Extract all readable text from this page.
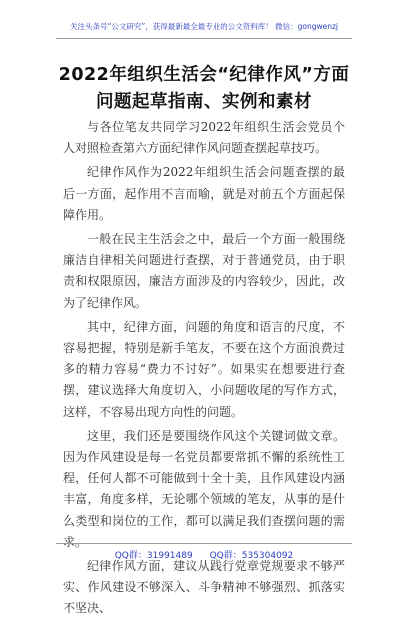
关注头条号“公文研究”，获得最新最全最专业的公文资料库！ 微信：gongwenzj
2022年组织生活会“纪律作风”方面问题起草指南、实例和素材

与各位笔友共同学习2022年组织生活会党员个人对照检查第六方面纪律作风问题查摆起草技巧。

纪律作风作为2022年组织生活会问题查摆的最后一方面，起作用不言而喻，就是对前五个方面起保障作用。

一般在民主生活会之中，最后一个方面一般围绕廉洁自律相关问题进行查摆，对于普通党员，由于职责和权限原因，廉洁方面涉及的内容较少，因此，改为了纪律作风。

其中，纪律方面，问题的角度和语言的尺度，不容易把握，特别是新手笔友，不要在这个方面浪费过多的精力容易“费力不讨好”。如果实在想要进行查摆，建议选择大角度切入，小问题收尾的写作方式，这样，不容易出现方向性的问题。

这里，我们还是要围绕作风这个关键词做文章。因为作风建设是每一名党员都要常抓不懈的系统性工程，任何人都不可能做到十全十美，且作风建设内涵丰富，角度多样，无论哪个领域的笔友，从事的是什么类型和岗位的工作，都可以满足我们查摆问题的需求。

纪律作风方面，建议从践行党章党规要求不够严实、作风建设不够深入、斗争精神不够强烈、抓落实不坚决、

QQ群：31991489 QQ群：535304092
